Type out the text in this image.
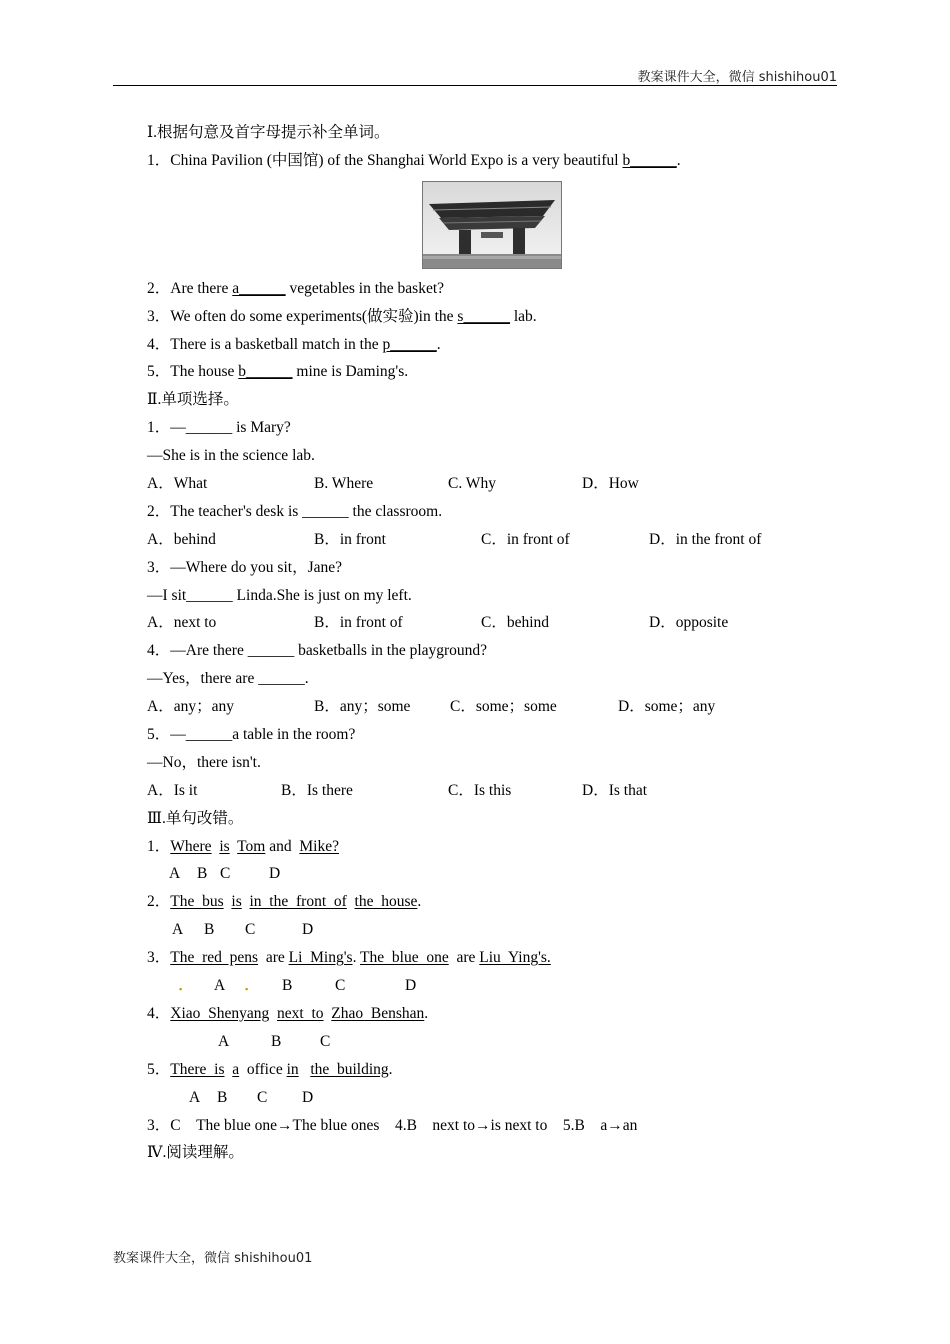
教案课件大全，微信 shishihou01
Ⅰ.根据句意及首字母提示补全单词。
1．China Pavilion (中国馆) of the Shanghai World Expo is a very beautiful b______.
2．Are there a______ vegetables in the basket?
3．We often do some experiments(做实验)in the s______ lab.
4．There is a basketball match in the p______.
5．The house b______ mine is Daming's.
Ⅱ.单项选择。
1．—______ is Mary?
—She is in the science lab.
A．What	B. Where	C. Why	D．How
2．The teacher's desk is ______ the classroom.
A．behind	B．in front	C．in front of	D．in the front of
3．—Where do you sit，Jane?
—I sit______ Linda.She is just on my left.
A．next to	B．in front of	C．behind	D．opposite
4．—Are there ______ basketballs in the playground?
—Yes，there are ______.
A．any；any	B．any；some	C．some；some	D．some；any
5．—______a table in the room?
—No，there isn't.
A．Is it	B．Is there	C．Is this	D．Is that
Ⅲ.单句改错。
1．Where is Tom and Mike?
A B C D
2．The  bus is in  the  front  of the  house.
A B C	D
3．The  red  pens are Li  Ming's. The  blue  one are Liu  Ying's.
▪ A ▪ B	C	D
4．Xiao  Shenyang next  to Zhao  Benshan.
A	B C
5．There  is a office in the  building.
A B C D
3．C　The blue one→The blue ones　4.B　next to→is next to　5.B　a→an
Ⅳ.阅读理解。
教案课件大全，微信 shishihou01
